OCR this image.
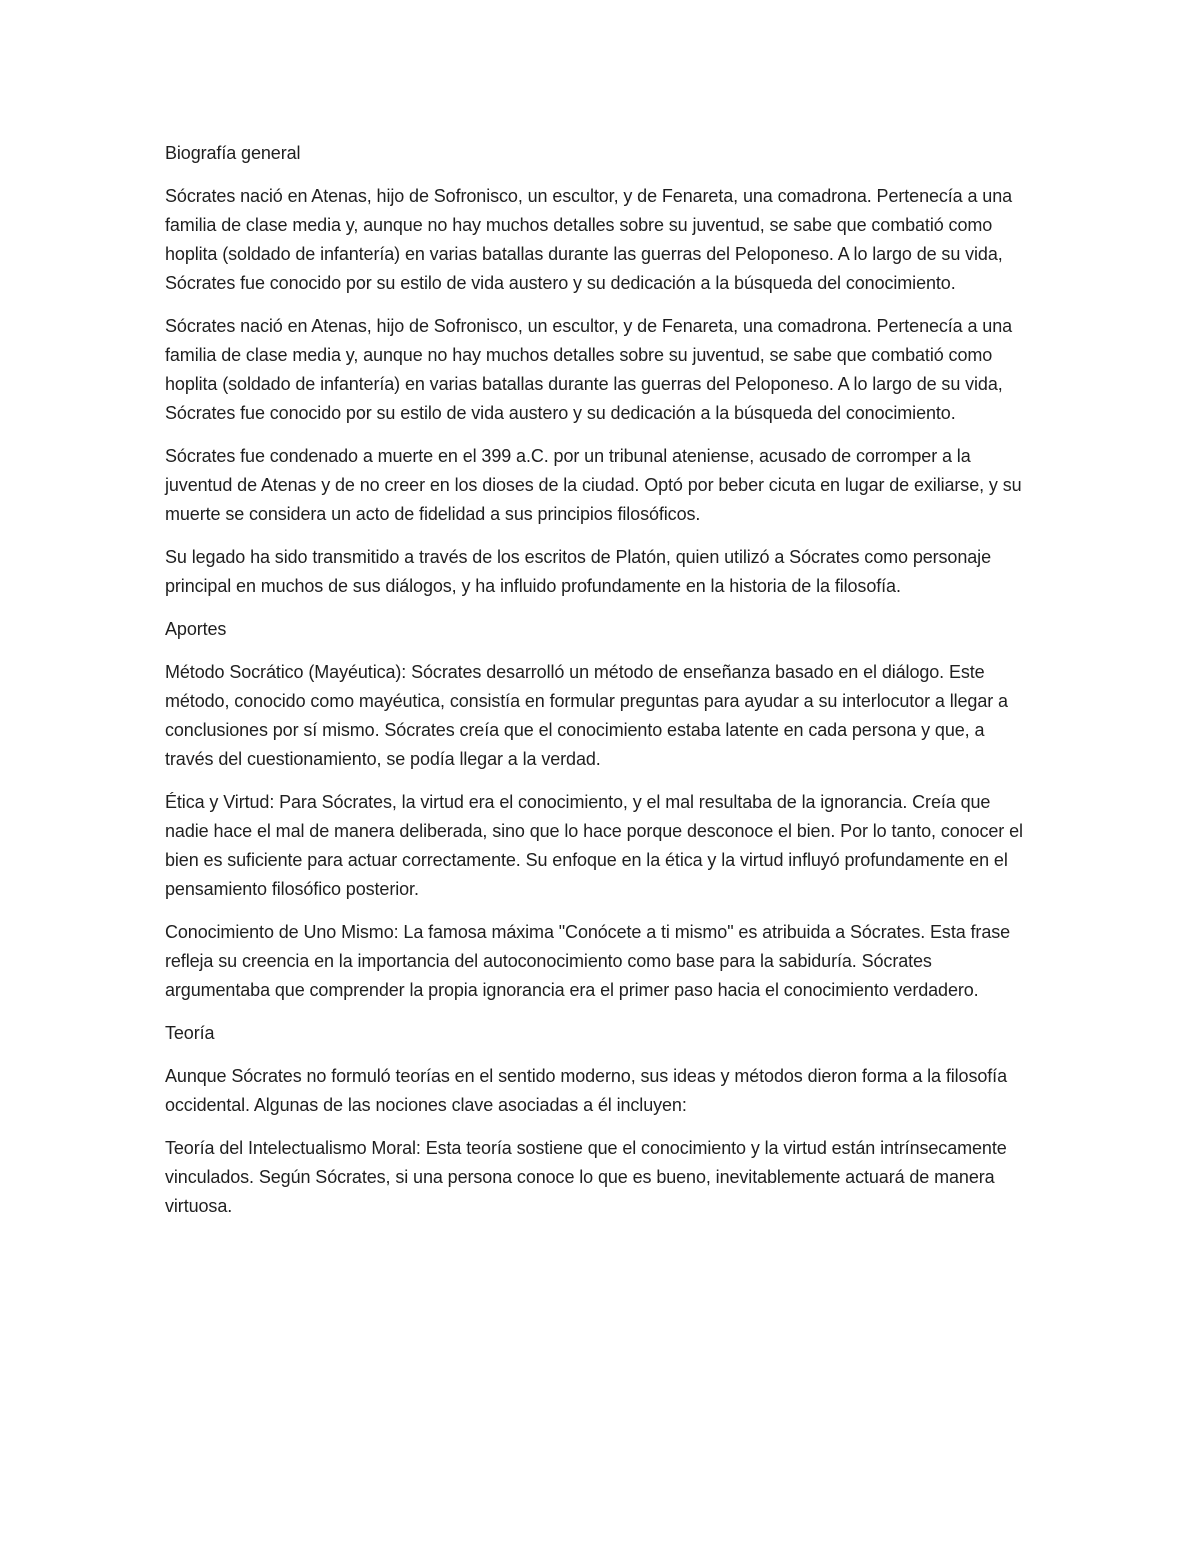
Biografía general

Sócrates nació en Atenas, hijo de Sofronisco, un escultor, y de Fenareta, una comadrona. Pertenecía a una familia de clase media y, aunque no hay muchos detalles sobre su juventud, se sabe que combatió como hoplita (soldado de infantería) en varias batallas durante las guerras del Peloponeso. A lo largo de su vida, Sócrates fue conocido por su estilo de vida austero y su dedicación a la búsqueda del conocimiento.

Sócrates nació en Atenas, hijo de Sofronisco, un escultor, y de Fenareta, una comadrona. Pertenecía a una familia de clase media y, aunque no hay muchos detalles sobre su juventud, se sabe que combatió como hoplita (soldado de infantería) en varias batallas durante las guerras del Peloponeso. A lo largo de su vida, Sócrates fue conocido por su estilo de vida austero y su dedicación a la búsqueda del conocimiento.

Sócrates fue condenado a muerte en el 399 a.C. por un tribunal ateniense, acusado de corromper a la juventud de Atenas y de no creer en los dioses de la ciudad. Optó por beber cicuta en lugar de exiliarse, y su muerte se considera un acto de fidelidad a sus principios filosóficos.

Su legado ha sido transmitido a través de los escritos de Platón, quien utilizó a Sócrates como personaje principal en muchos de sus diálogos, y ha influido profundamente en la historia de la filosofía.

Aportes

Método Socrático (Mayéutica): Sócrates desarrolló un método de enseñanza basado en el diálogo. Este método, conocido como mayéutica, consistía en formular preguntas para ayudar a su interlocutor a llegar a conclusiones por sí mismo. Sócrates creía que el conocimiento estaba latente en cada persona y que, a través del cuestionamiento, se podía llegar a la verdad.

Ética y Virtud: Para Sócrates, la virtud era el conocimiento, y el mal resultaba de la ignorancia. Creía que nadie hace el mal de manera deliberada, sino que lo hace porque desconoce el bien. Por lo tanto, conocer el bien es suficiente para actuar correctamente. Su enfoque en la ética y la virtud influyó profundamente en el pensamiento filosófico posterior.

Conocimiento de Uno Mismo: La famosa máxima "Conócete a ti mismo" es atribuida a Sócrates. Esta frase refleja su creencia en la importancia del autoconocimiento como base para la sabiduría. Sócrates argumentaba que comprender la propia ignorancia era el primer paso hacia el conocimiento verdadero.

Teoría

Aunque Sócrates no formuló teorías en el sentido moderno, sus ideas y métodos dieron forma a la filosofía occidental. Algunas de las nociones clave asociadas a él incluyen:

Teoría del Intelectualismo Moral: Esta teoría sostiene que el conocimiento y la virtud están intrínsecamente vinculados. Según Sócrates, si una persona conoce lo que es bueno, inevitablemente actuará de manera virtuosa.
